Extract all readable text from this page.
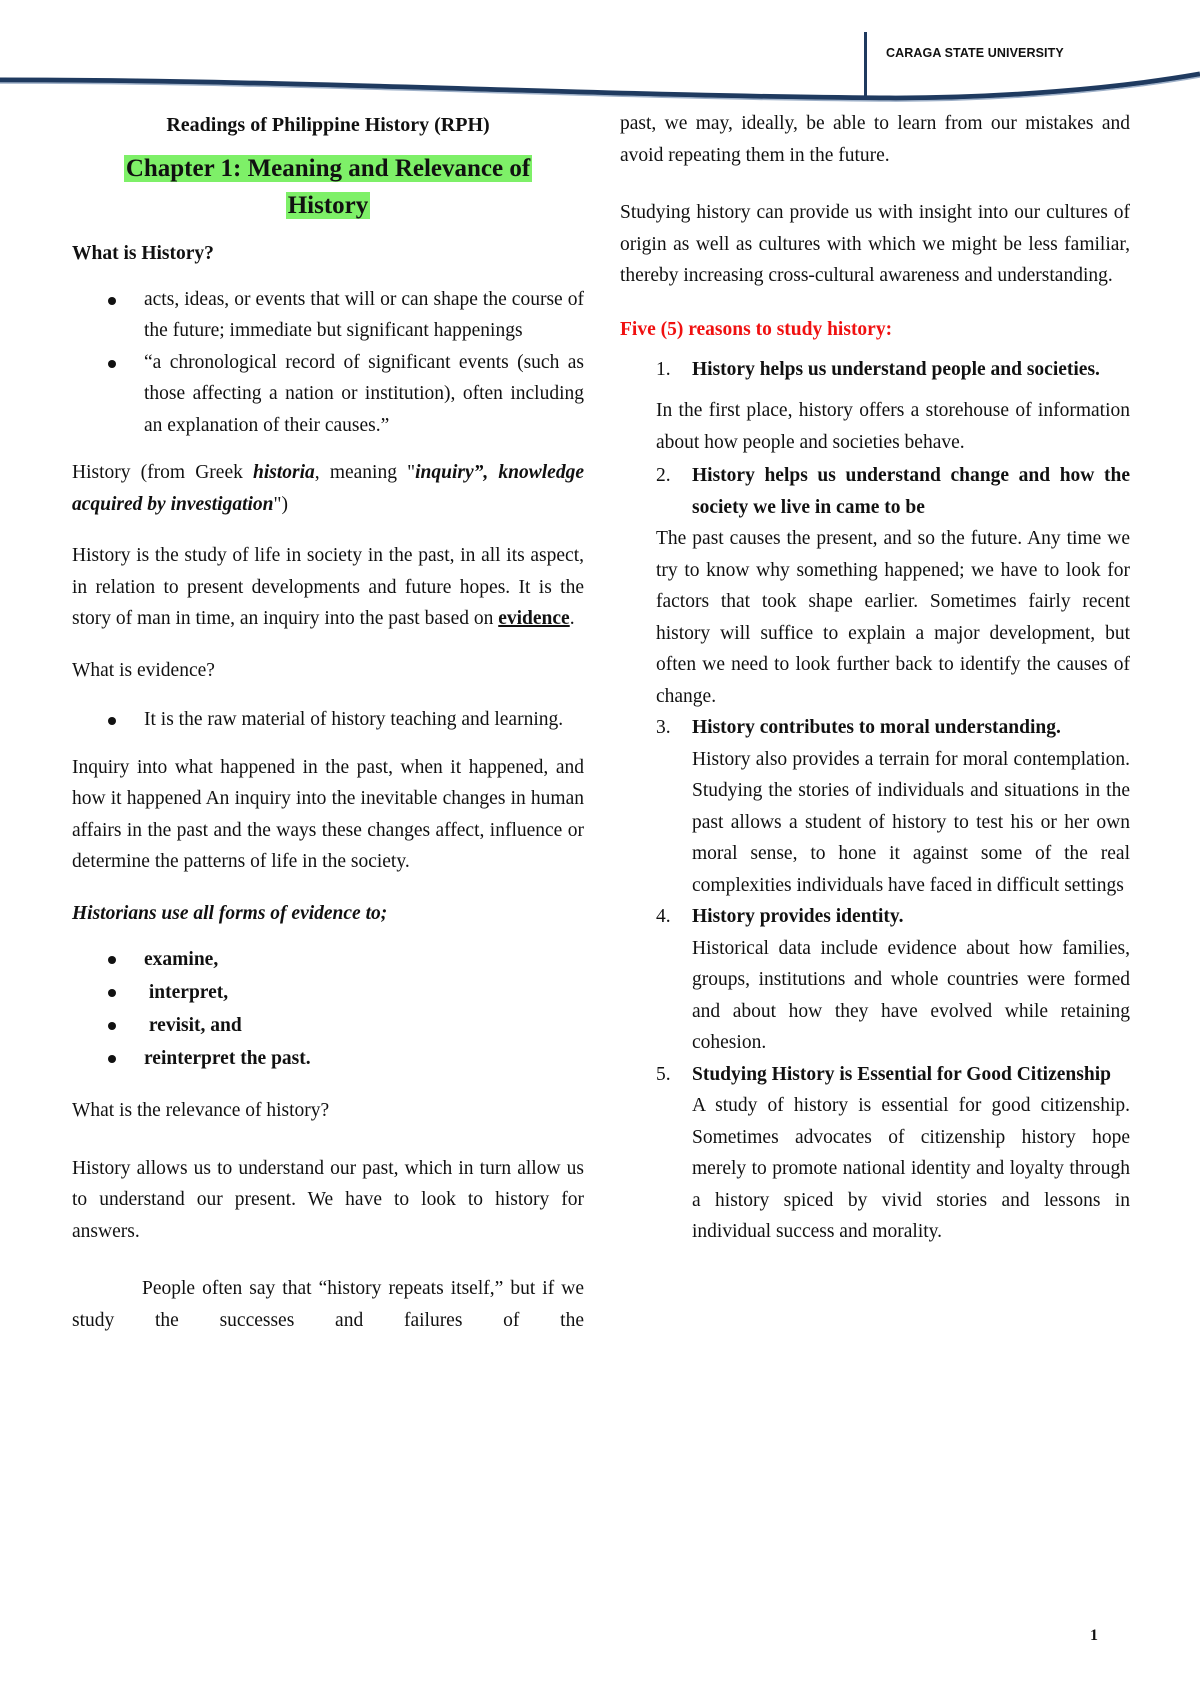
CARAGA STATE UNIVERSITY
Readings of Philippine History (RPH)
Chapter 1: Meaning and Relevance of
History

What is History?

acts, ideas, or events that will or can shape the course of the future; immediate but significant happenings
“a chronological record of significant events (such as those affecting a nation or institution), often including an explanation of their causes.”

History (from Greek historia, meaning "inquiry”, knowledge acquired by investigation")

History is the study of life in society in the past, in all its aspect, in relation to present developments and future hopes. It is the story of man in time, an inquiry into the past based on evidence.

What is evidence?

It is the raw material of history teaching and learning.

Inquiry into what happened in the past, when it happened, and how it happened An inquiry into the inevitable changes in human affairs in the past and the ways these changes affect, influence or determine the patterns of life in the society.

Historians use all forms of evidence to;

examine,
interpret,
revisit, and
reinterpret the past.

What is the relevance of history?

History allows us to understand our past, which in turn allow us to understand our present. We have to look to history for answers.

People often say that “history repeats itself,” but if we study the successes and failures of the

past, we may, ideally, be able to learn from our mistakes and avoid repeating them in the future.

Studying history can provide us with insight into our cultures of origin as well as cultures with which we might be less familiar, thereby increasing cross-cultural awareness and understanding.

Five (5) reasons to study history:

1. History helps us understand people and societies.

In the first place, history offers a storehouse of information about how people and societies behave.

2. History helps us understand change and how the society we live in came to be

The past causes the present, and so the future. Any time we try to know why something happened; we have to look for factors that took shape earlier. Sometimes fairly recent history will suffice to explain a major development, but often we need to look further back to identify the causes of change.

3. History contributes to moral understanding.

History also provides a terrain for moral contemplation. Studying the stories of individuals and situations in the past allows a student of history to test his or her own moral sense, to hone it against some of the real complexities individuals have faced in difficult settings

4. History provides identity.

Historical data include evidence about how families, groups, institutions and whole countries were formed and about how they have evolved while retaining cohesion.

5. Studying History is Essential for Good Citizenship

A study of history is essential for good citizenship. Sometimes advocates of citizenship history hope merely to promote national identity and loyalty through a history spiced by vivid stories and lessons in individual success and morality.

1
